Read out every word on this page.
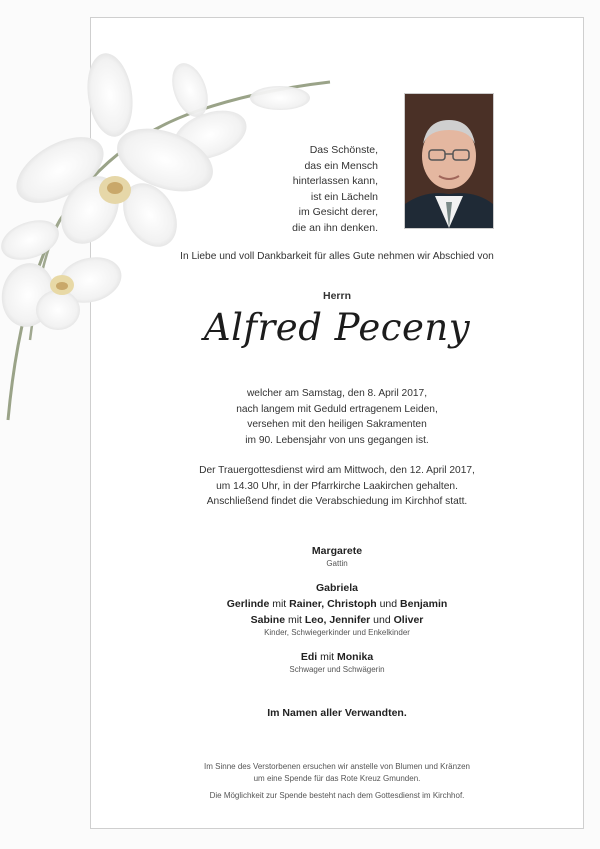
Das Schönste,
das ein Mensch
hinterlassen kann,
ist ein Lächeln
im Gesicht derer,
die an ihn denken.
In Liebe und voll Dankbarkeit für alles Gute nehmen wir Abschied von
Herrn
Alfred Peceny
welcher am Samstag, den 8. April 2017,
nach langem mit Geduld ertragenem Leiden,
versehen mit den heiligen Sakramenten
im 90. Lebensjahr von uns gegangen ist.
Der Trauergottesdienst wird am Mittwoch, den 12. April 2017,
um 14.30 Uhr, in der Pfarrkirche Laakirchen gehalten.
Anschließend findet die Verabschiedung im Kirchhof statt.
Margarete
Gattin
Gabriela
Gerlinde mit Rainer, Christoph und Benjamin
Sabine mit Leo, Jennifer und Oliver
Kinder, Schwiegerkinder und Enkelkinder
Edi mit Monika
Schwager und Schwägerin
Im Namen aller Verwandten.
Im Sinne des Verstorbenen ersuchen wir anstelle von Blumen und Kränzen
um eine Spende für das Rote Kreuz Gmunden.
Die Möglichkeit zur Spende besteht nach dem Gottesdienst im Kirchhof.
